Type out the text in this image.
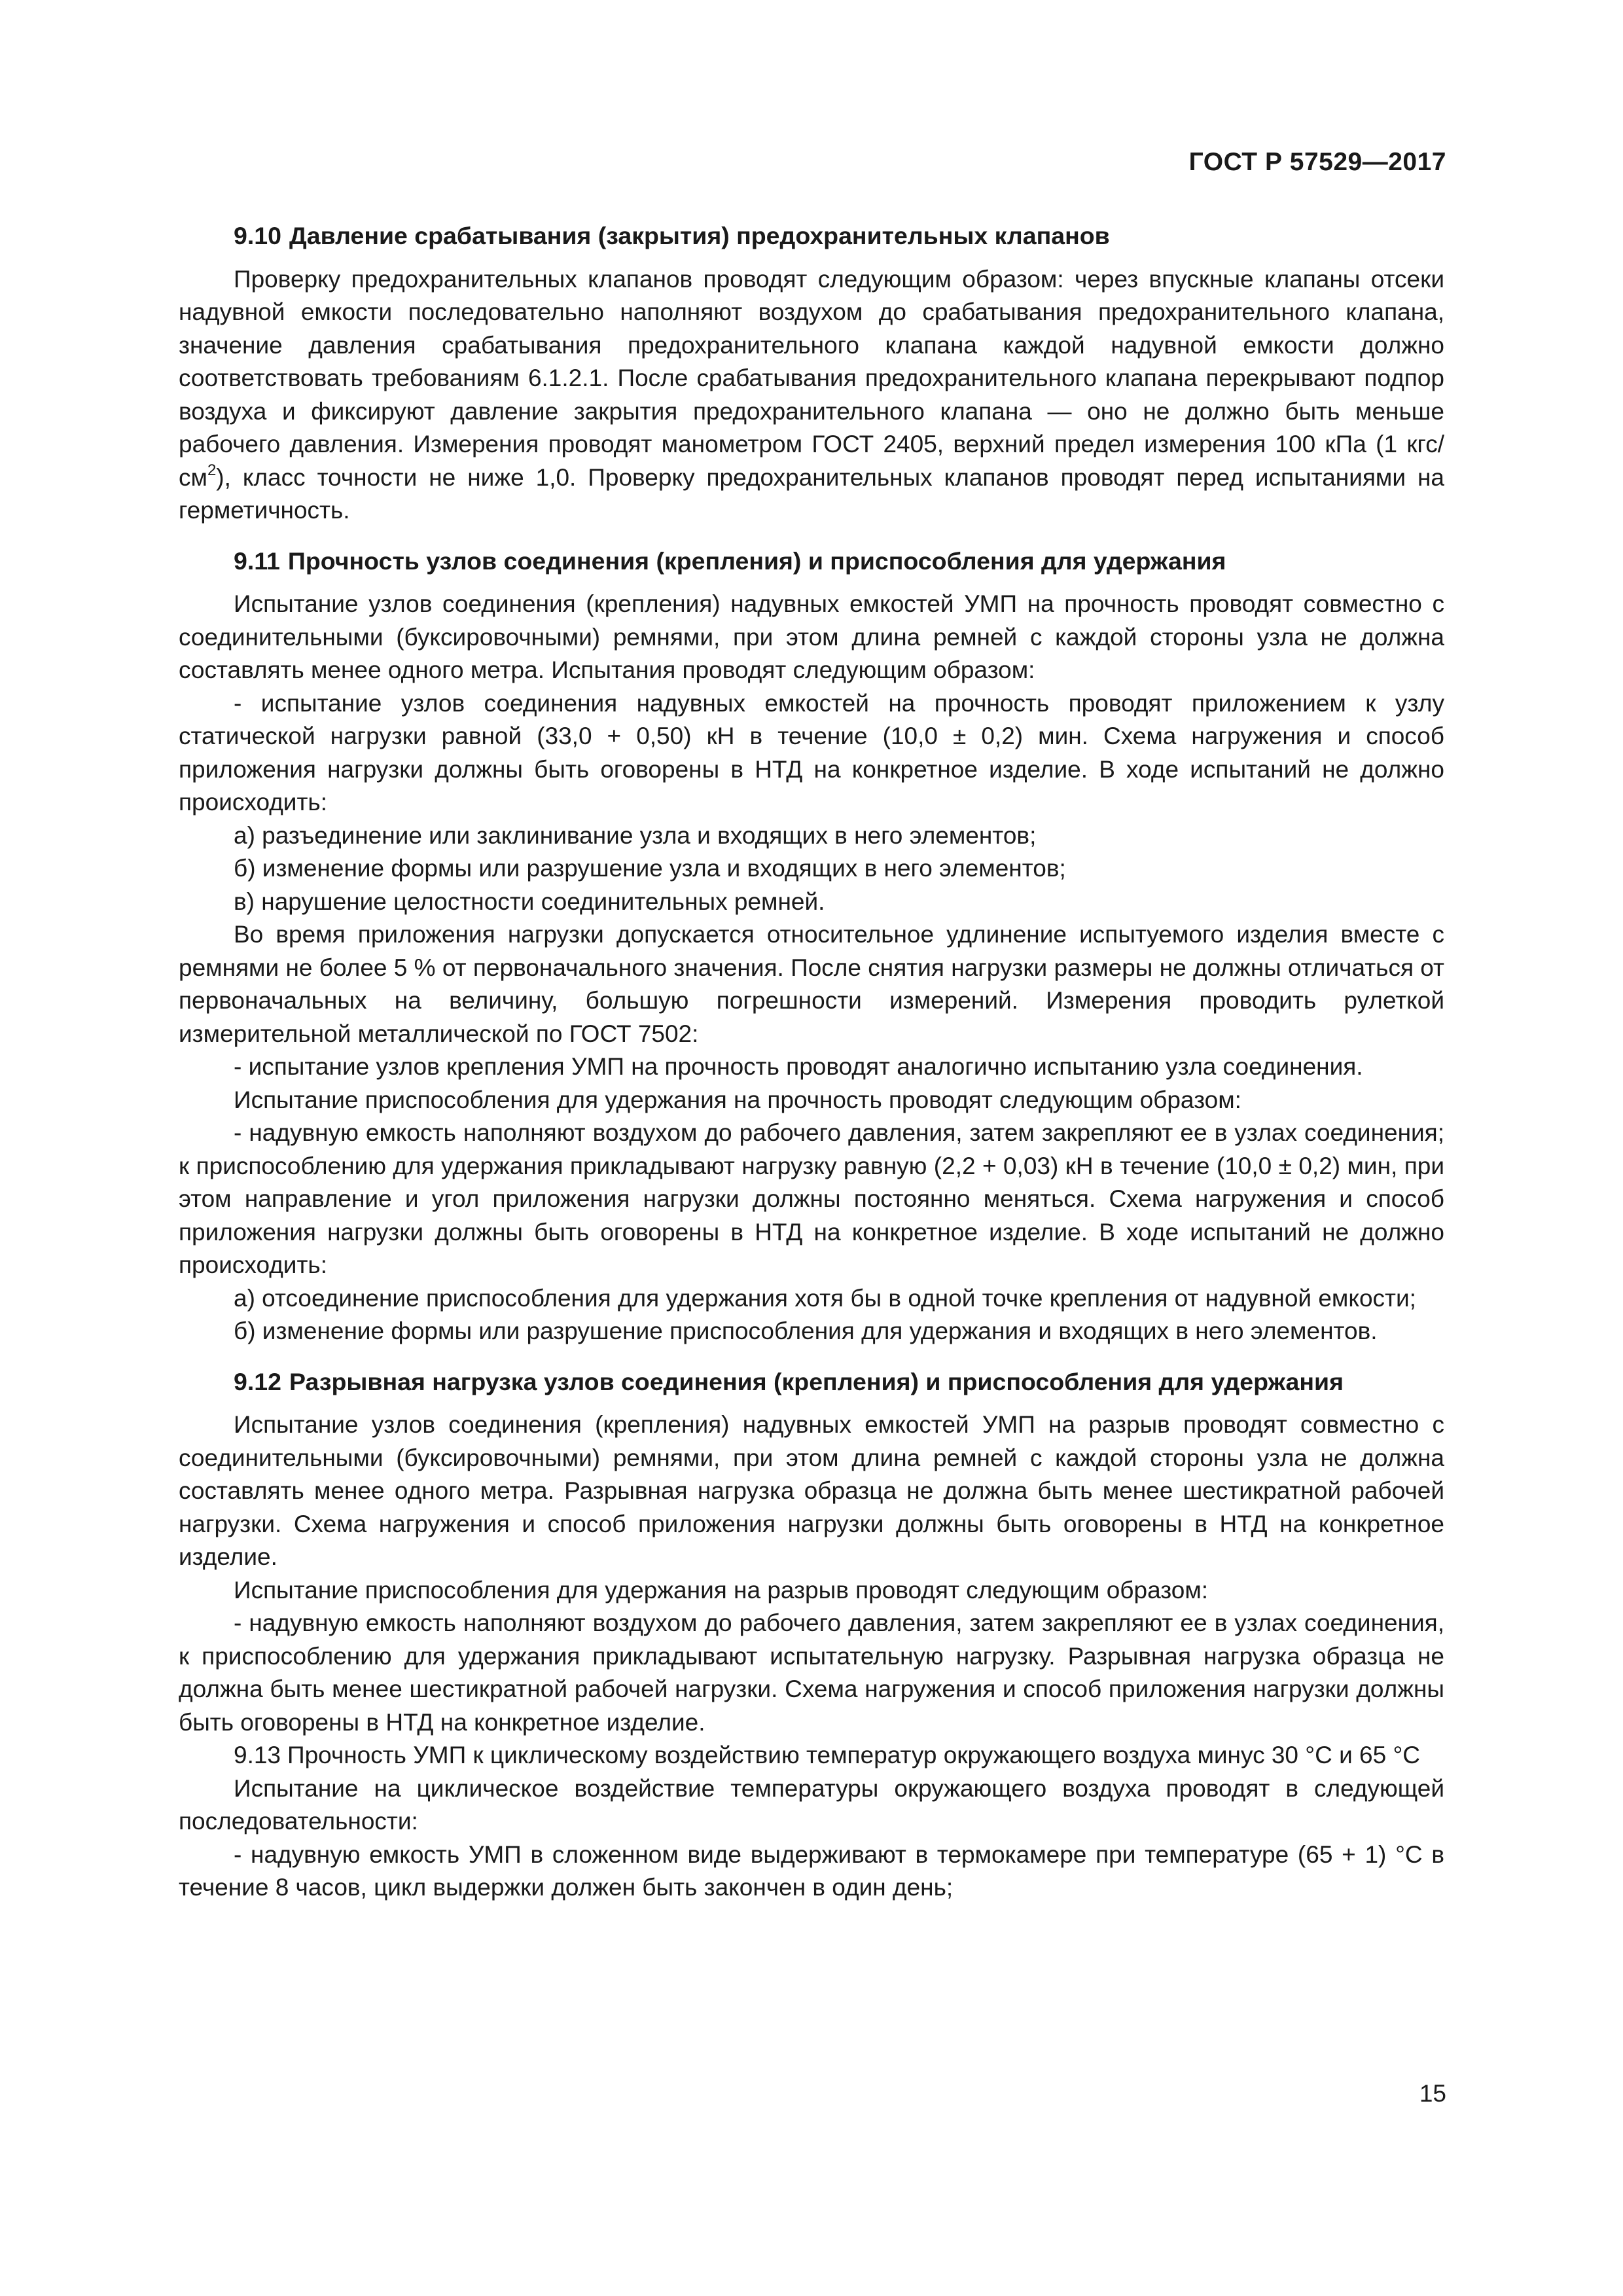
ГОСТ Р 57529—2017
9.10 Давление срабатывания (закрытия) предохранительных клапанов

Проверку предохранительных клапанов проводят следующим образом: через впускные клапаны отсеки надувной емкости последовательно наполняют воздухом до срабатывания предохранительного клапана, значение давления срабатывания предохранительного клапана каждой надувной емкости должно соответствовать требованиям 6.1.2.1. После срабатывания предохранительного клапана перекрывают подпор воздуха и фиксируют давление закрытия предохранительного клапана — оно не должно быть меньше рабочего давления. Измерения проводят манометром ГОСТ 2405, верхний предел измерения 100 кПа (1 кгс/$см^2$), класс точности не ниже 1,0. Проверку предохранительных клапанов проводят перед испытаниями на герметичность.

9.11 Прочность узлов соединения (крепления) и приспособления для удержания

Испытание узлов соединения (крепления) надувных емкостей УМП на прочность проводят совместно с соединительными (буксировочными) ремнями, при этом длина ремней с каждой стороны узла не должна составлять менее одного метра. Испытания проводят следующим образом:

- испытание узлов соединения надувных емкостей на прочность проводят приложением к узлу статической нагрузки равной (33,0 + 0,50) кН в течение (10,0 ± 0,2) мин. Схема нагружения и способ приложения нагрузки должны быть оговорены в НТД на конкретное изделие. В ходе испытаний не должно происходить:

а) разъединение или заклинивание узла и входящих в него элементов;

б) изменение формы или разрушение узла и входящих в него элементов;

в) нарушение целостности соединительных ремней.

Во время приложения нагрузки допускается относительное удлинение испытуемого изделия вместе с ремнями не более 5 % от первоначального значения. После снятия нагрузки размеры не должны отличаться от первоначальных на величину, большую погрешности измерений. Измерения проводить рулеткой измерительной металлической по ГОСТ 7502:

- испытание узлов крепления УМП на прочность проводят аналогично испытанию узла соединения.

Испытание приспособления для удержания на прочность проводят следующим образом:

- надувную емкость наполняют воздухом до рабочего давления, затем закрепляют ее в узлах соединения; к приспособлению для удержания прикладывают нагрузку равную (2,2 + 0,03) кН в течение (10,0 ± 0,2) мин, при этом направление и угол приложения нагрузки должны постоянно меняться. Схема нагружения и способ приложения нагрузки должны быть оговорены в НТД на конкретное изделие. В ходе испытаний не должно происходить:

а) отсоединение приспособления для удержания хотя бы в одной точке крепления от надувной емкости;

б) изменение формы или разрушение приспособления для удержания и входящих в него элементов.

9.12 Разрывная нагрузка узлов соединения (крепления) и приспособления для удержания

Испытание узлов соединения (крепления) надувных емкостей УМП на разрыв проводят совместно с соединительными (буксировочными) ремнями, при этом длина ремней с каждой стороны узла не должна составлять менее одного метра. Разрывная нагрузка образца не должна быть менее шестикратной рабочей нагрузки. Схема нагружения и способ приложения нагрузки должны быть оговорены в НТД на конкретное изделие.

Испытание приспособления для удержания на разрыв проводят следующим образом:

- надувную емкость наполняют воздухом до рабочего давления, затем закрепляют ее в узлах соединения, к приспособлению для удержания прикладывают испытательную нагрузку. Разрывная нагрузка образца не должна быть менее шестикратной рабочей нагрузки. Схема нагружения и способ приложения нагрузки должны быть оговорены в НТД на конкретное изделие.

9.13 Прочность УМП к циклическому воздействию температур окружающего воздуха минус 30 °С и 65 °С

Испытание на циклическое воздействие температуры окружающего воздуха проводят в следующей последовательности:

- надувную емкость УМП в сложенном виде выдерживают в термокамере при температуре (65 + 1) °С в течение 8 часов, цикл выдержки должен быть закончен в один день;

15
